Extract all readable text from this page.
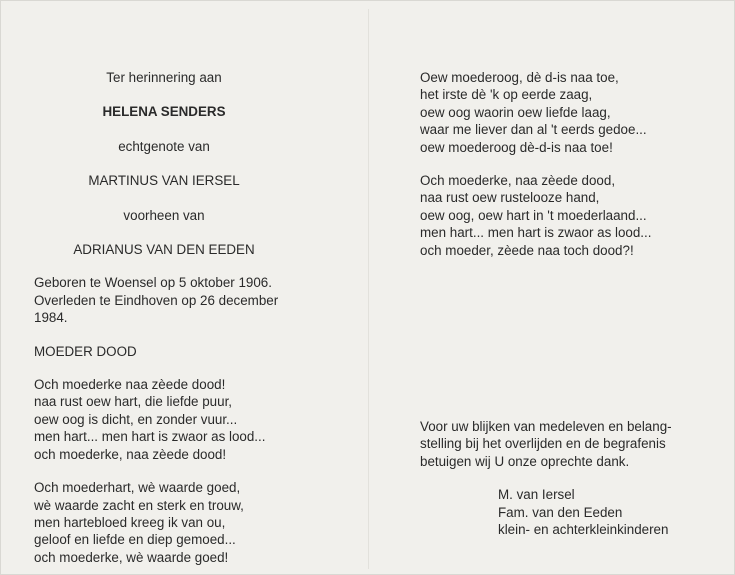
Ter herinnering aan

HELENA SENDERS

echtgenote van

MARTINUS VAN IERSEL

voorheen van

ADRIANUS VAN DEN EEDEN

Geboren te Woensel op 5 oktober 1906.
Overleden te Eindhoven op 26 december
1984.

MOEDER DOOD

Och moederke naa zèede dood!
naa rust oew hart, die liefde puur,
oew oog is dicht, en zonder vuur...
men hart... men hart is zwaor as lood...
och moederke, naa zèede dood!
Och moederhart, wè waarde goed,
wè waarde zacht en sterk en trouw,
men hartebloed kreeg ik van ou,
geloof en liefde en diep gemoed...
och moederke, wè waarde goed!
Oew moederoog, dè d-is naa toe,
het irste dè 'k op eerde zaag,
oew oog waorin oew liefde laag,
waar me liever dan al 't eerds gedoe...
oew moederoog dè-d-is naa toe!
Och moederke, naa zèede dood,
naa rust oew rustelooze hand,
oew oog, oew hart in 't moederlaand...
men hart... men hart is zwaor as lood...
och moeder, zèede naa toch dood?!
Voor uw blijken van medeleven en belang-
stelling bij het overlijden en de begrafenis
betuigen wij U onze oprechte dank.
M. van Iersel
Fam. van den Eeden
klein- en achterkleinkinderen
